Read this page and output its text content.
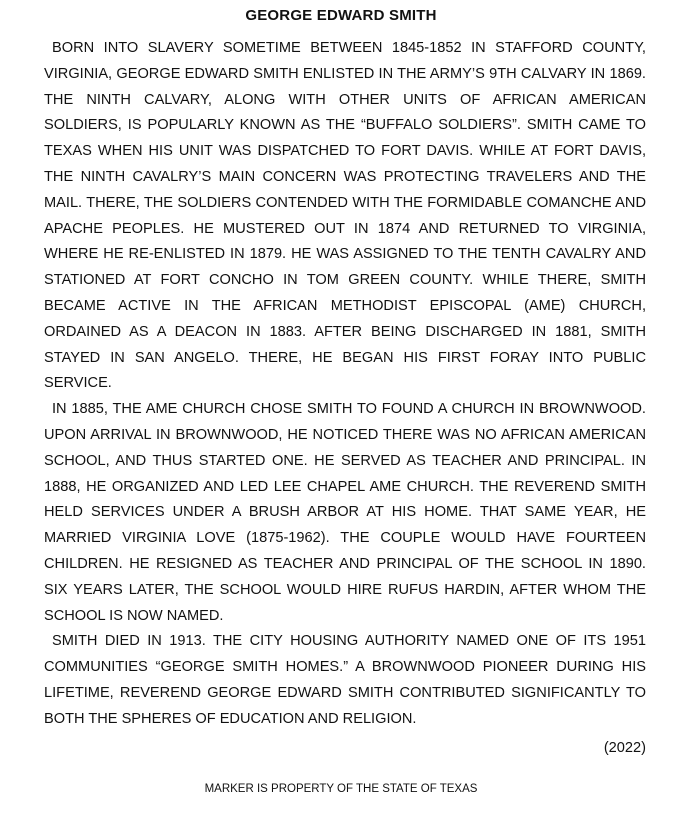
GEORGE EDWARD SMITH

BORN INTO SLAVERY SOMETIME BETWEEN 1845-1852 IN STAFFORD COUNTY, VIRGINIA, GEORGE EDWARD SMITH ENLISTED IN THE ARMY’S 9TH CALVARY IN 1869. THE NINTH CALVARY, ALONG WITH OTHER UNITS OF AFRICAN AMERICAN SOLDIERS, IS POPULARLY KNOWN AS THE “BUFFALO SOLDIERS”. SMITH CAME TO TEXAS WHEN HIS UNIT WAS DISPATCHED TO FORT DAVIS. WHILE AT FORT DAVIS, THE NINTH CAVALRY’S MAIN CONCERN WAS PROTECTING TRAVELERS AND THE MAIL. THERE, THE SOLDIERS CONTENDED WITH THE FORMIDABLE COMANCHE AND APACHE PEOPLES. HE MUSTERED OUT IN 1874 AND RETURNED TO VIRGINIA, WHERE HE RE-ENLISTED IN 1879. HE WAS ASSIGNED TO THE TENTH CAVALRY AND STATIONED AT FORT CONCHO IN TOM GREEN COUNTY. WHILE THERE, SMITH BECAME ACTIVE IN THE AFRICAN METHODIST EPISCOPAL (AME) CHURCH, ORDAINED AS A DEACON IN 1883. AFTER BEING DISCHARGED IN 1881, SMITH STAYED IN SAN ANGELO. THERE, HE BEGAN HIS FIRST FORAY INTO PUBLIC SERVICE.

IN 1885, THE AME CHURCH CHOSE SMITH TO FOUND A CHURCH IN BROWNWOOD. UPON ARRIVAL IN BROWNWOOD, HE NOTICED THERE WAS NO AFRICAN AMERICAN SCHOOL, AND THUS STARTED ONE. HE SERVED AS TEACHER AND PRINCIPAL. IN 1888, HE ORGANIZED AND LED LEE CHAPEL AME CHURCH. THE REVEREND SMITH HELD SERVICES UNDER A BRUSH ARBOR AT HIS HOME. THAT SAME YEAR, HE MARRIED VIRGINIA LOVE (1875-1962). THE COUPLE WOULD HAVE FOURTEEN CHILDREN. HE RESIGNED AS TEACHER AND PRINCIPAL OF THE SCHOOL IN 1890. SIX YEARS LATER, THE SCHOOL WOULD HIRE RUFUS HARDIN, AFTER WHOM THE SCHOOL IS NOW NAMED.

SMITH DIED IN 1913. THE CITY HOUSING AUTHORITY NAMED ONE OF ITS 1951 COMMUNITIES “GEORGE SMITH HOMES.” A BROWNWOOD PIONEER DURING HIS LIFETIME, REVEREND GEORGE EDWARD SMITH CONTRIBUTED SIGNIFICANTLY TO BOTH THE SPHERES OF EDUCATION AND RELIGION.

(2022)
MARKER IS PROPERTY OF THE STATE OF TEXAS
